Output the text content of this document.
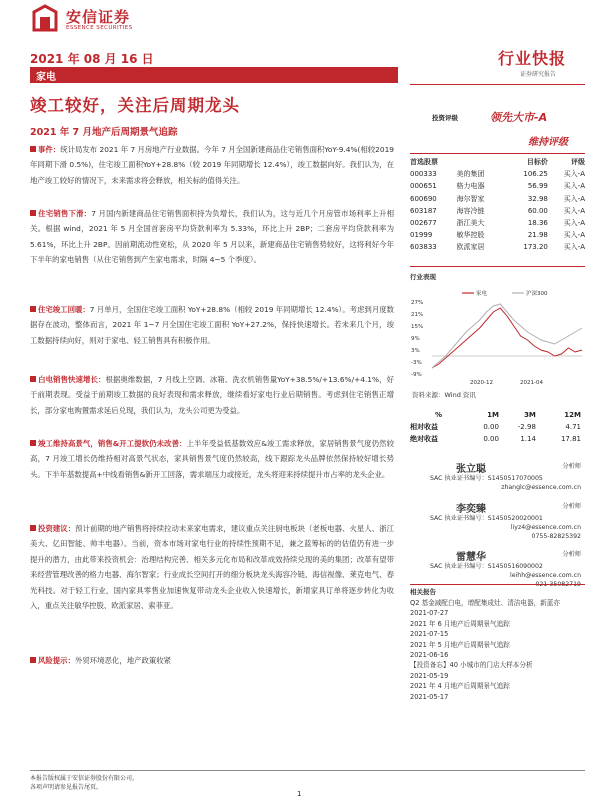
安信证券
ESSENCE SECURITIES
2021 年 08 月 16 日
家电
行业快报
证券研究报告
竣工较好，关注后周期龙头
2021 年 7 月地产后周期景气追踪
事件：统计局发布 2021 年 7 月房地产行业数据。今年 7 月全国新建商品住宅销售面积YoY-9.4%(相较2019 年同期下滑 0.5%)，住宅竣工面积YoY+28.8%（较 2019 年同期增长 12.4%），竣工数据向好。我们认为，在地产竣工较好的情况下，未来需求将会释放，相关标的值得关注。
住宅销售下滑：7 月国内新建商品住宅销售面积持为负增长，我们认为，这与近几个月房管市场利率上升相关。根据 wind，2021 年 5 月全国首套房平均贷款利率为 5.33%，环比上升 2BP；二套房平均贷款利率为 5.61%，环比上升 2BP。因前期流动性宽松，从 2020 年 5 月以来，新建商品住宅销售势较好，这将利好今年下半年的家电销售（从住宅销售到产生家电需求，时隔 4~5 个季度）。
住宅竣工回暖：7 月单月，全国住宅竣工面积 YoY+28.8%（相较 2019 年同期增长 12.4%）。考虑到月度数据存在波动，整体而言，2021 年 1~7 月全国住宅竣工面积 YoY+27.2%，保持快速增长。若未来几个月，竣工数据持续向好，则对于家电、轻工销售具有积极作用。
白电销售快速增长：根据奥维数据，7 月线上空调、冰箱、洗衣机销售量YoY+38.5%/+13.6%/+4.1%，好于前期表现。受益于前期竣工数据的良好表现和需求释放，继续看好家电行业后期销售。考虑到住宅销售正增长，部分家电购置需求延后兑现，我们认为，龙头公司更为受益。
竣工维持高景气，销售&开工提软仍未改善：上半年受益低基数效应&竣工需求释放，家居销售景气度仍然较高，7 月竣工增长仍维持相对高景气状态，家具销售景气度仍然较高，线下跟踪龙头品牌依然保持较好增长势头。下半年基数提高+中线看销售&新开工回落，需求端压力或接近，龙头将迎来持续提升市占率的龙头企业。
投资建议：预计前期的地产销售将持续拉动未来家电需求，建议重点关注厨电板块（老板电器、火星人、浙江美大、亿田智能、帅丰电器）。当前，资本市场对家电行业的持续性预期不足，兼之蓝筹标的的估值仍有进一步提升的潜力，由此带来投资机会：治理结构完善、相关多元化布局和改革成效持续兑现的美的集团；改革有望带来经营管理改善的格力电器、海尔智家；行业成长空间打开的细分板块龙头海容冷链、海信视像、莱克电气、春光科技。对于轻工行业，国内家具零售业加速恢复带动龙头企业收入快速增长，新增家具订单将逐步转化为收入，重点关注敏华控股、欧派家居、索菲亚。
风险提示：外贸环境恶化，地产政策收紧
投资评级	领先大市-A
维持评级
首选股票		目标价	评级
000333	美的集团	106.25	买入-A
000651	格力电器	56.99	买入-A
600690	海尔智家	32.98	买入-A
603187	海容冷链	60.00	买入-A
002677	浙江美大	18.36	买入-A
01999	敏华控股	21.98	买入-A
603833	欧派家居	173.20	买入-A
行业表现
27%
21%
15%
9%
3%
-3%
-9%
家电	沪深300
2020-12	2021-04
资料来源：Wind 资讯
%	1M	3M	12M
相对收益	0.00	-2.98	4.71
绝对收益	0.00	1.14	17.81
张立聪	分析师
SAC 执业证书编号：S1450517070005
zhanglc@essence.com.cn
李奕臻	分析师
SAC 执业证书编号：S1450520020001
liyz4@essence.com.cn
0755-82825392
雷慧华	分析师
SAC 执业证书编号：S1450516090002
leihh@essence.com.cn
相关报告
Q2 基金减配白电，增配集成灶、清洁电器，新蓝亦
2021-07-27
2021 年 6 月地产后周期景气追踪
2021-07-15
2021 年 5 月地产后周期景气追踪
2021-06-16
【投资备忘】40 小城市的门店大样本分析
2021-05-19
2021 年 4 月地产后周期景气追踪
2021-05-17
本报告版权属于安信证券股份有限公司。
各项声明请参见报告尾页。
1
